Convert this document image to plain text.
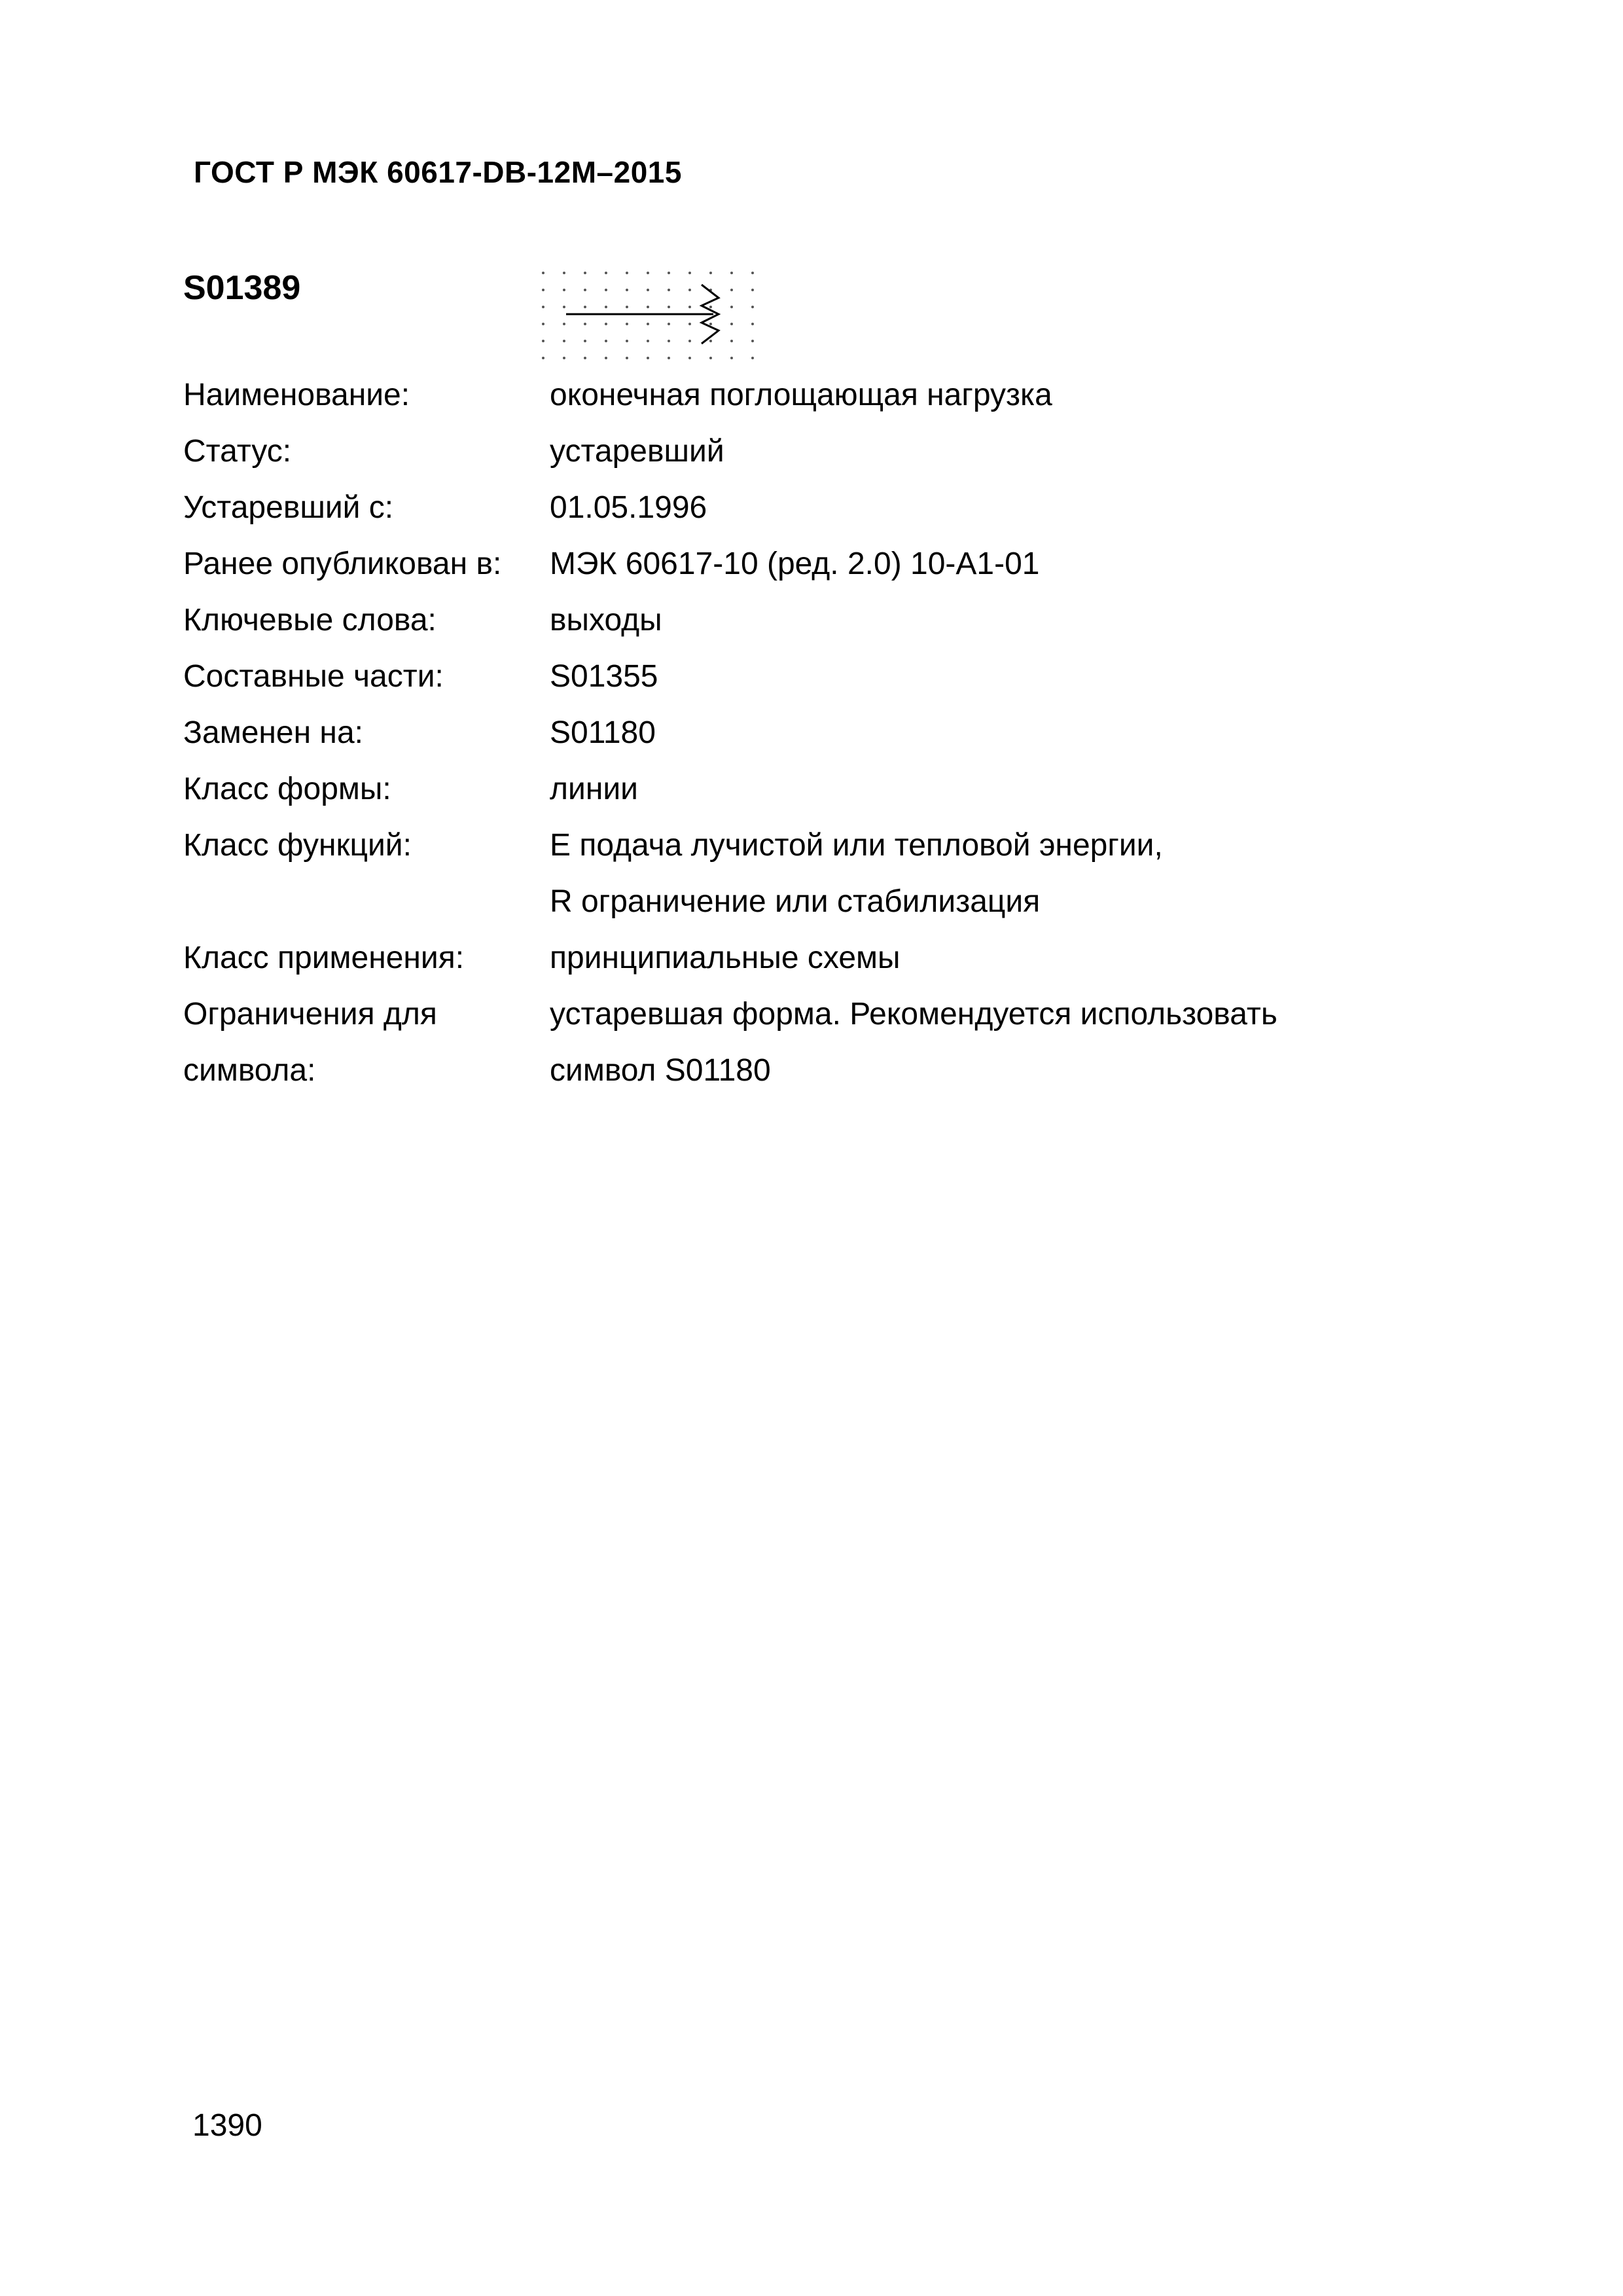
ГОСТ Р МЭК 60617-DB-12М–2015
S01389
Наименование:	оконечная поглощающая нагрузка
Статус:	устаревший
Устаревший с:	01.05.1996
Ранее опубликован в:	МЭК 60617-10 (ред. 2.0) 10-А1-01
Ключевые слова:	выходы
Составные части:	S01355
Заменен на:	S01180
Класс формы:	линии
Класс функций:	Е подача лучистой или тепловой энергии,
	R ограничение или стабилизация
Класс применения:	принципиальные схемы
Ограничения для	устаревшая форма. Рекомендуется использовать
символа:	символ S01180
1390
